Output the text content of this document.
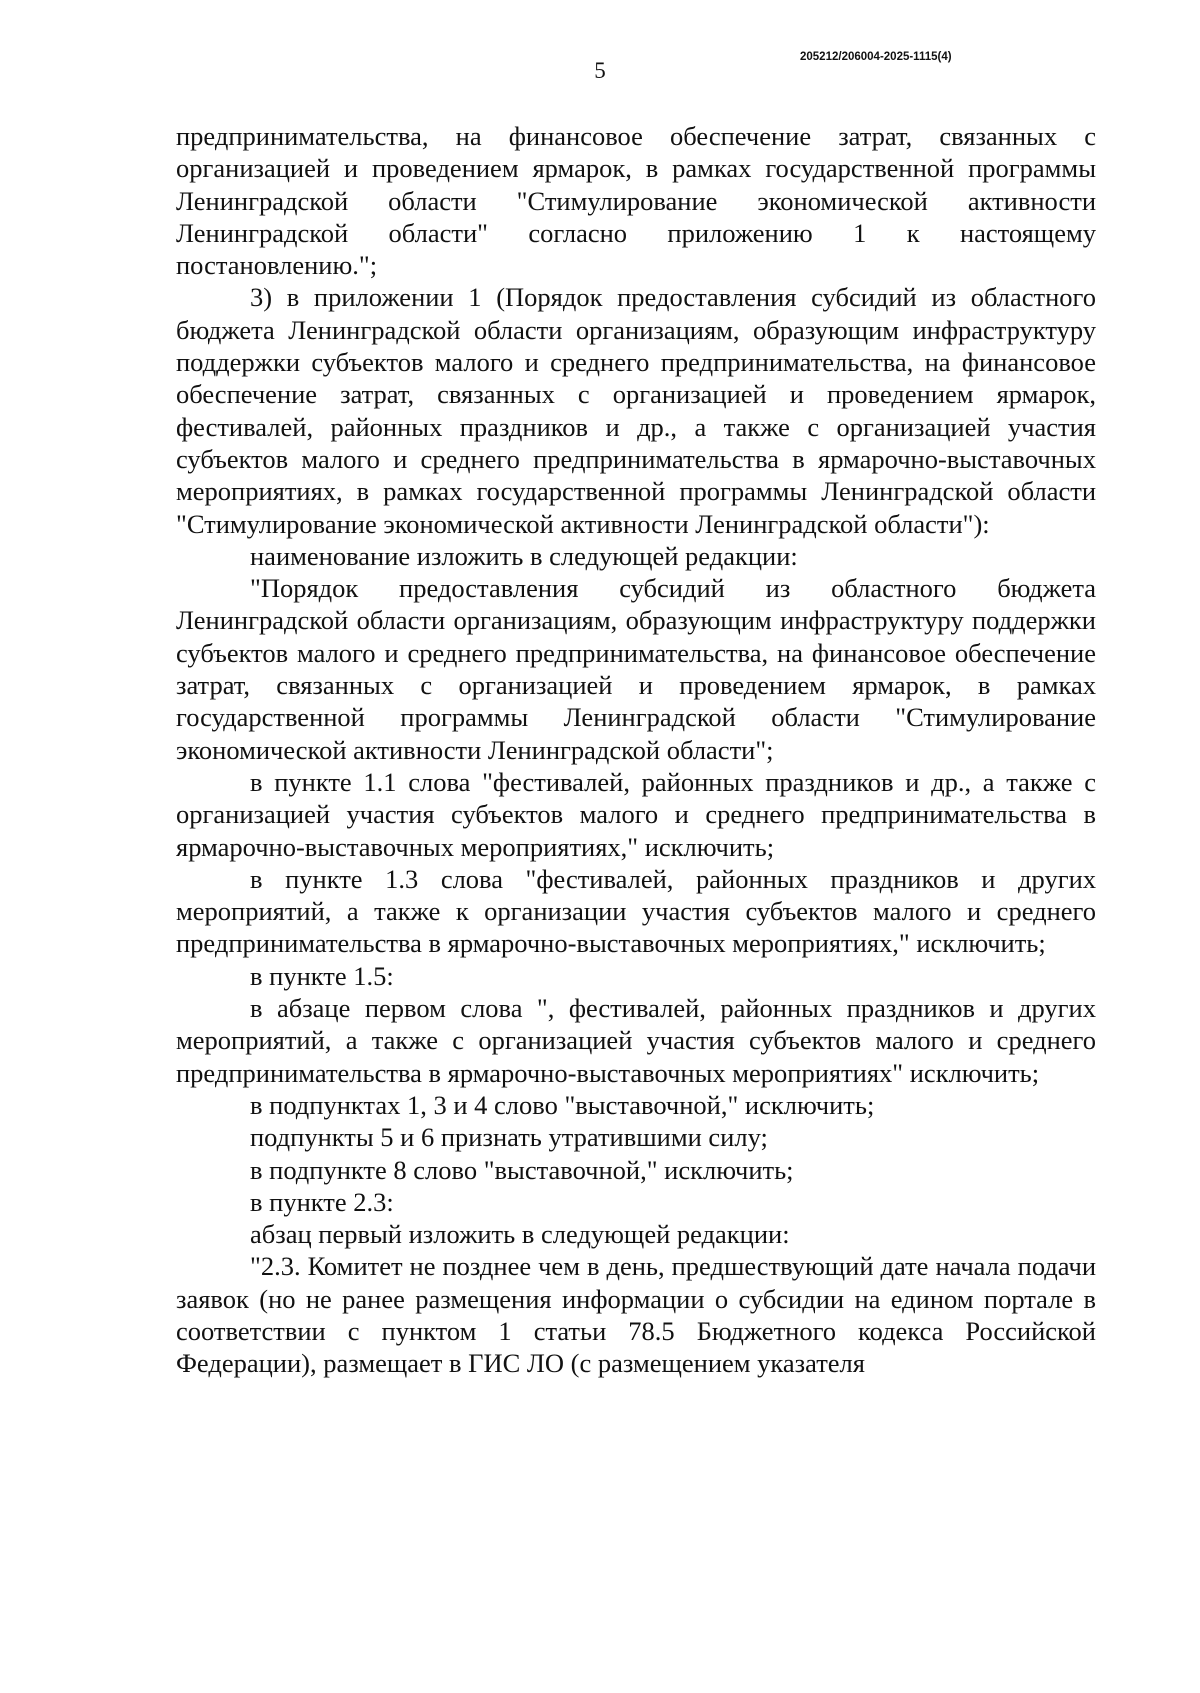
5
205212/206004-2025-1115(4)

предпринимательства, на финансовое обеспечение затрат, связанных с организацией и проведением ярмарок, в рамках государственной программы Ленинградской области "Стимулирование экономической активности Ленинградской области" согласно приложению 1 к настоящему постановлению.";

3) в приложении 1 (Порядок предоставления субсидий из областного бюджета Ленинградской области организациям, образующим инфраструктуру поддержки субъектов малого и среднего предпринимательства, на финансовое обеспечение затрат, связанных с организацией и проведением ярмарок, фестивалей, районных праздников и др., а также с организацией участия субъектов малого и среднего предпринимательства в ярмарочно-выставочных мероприятиях, в рамках государственной программы Ленинградской области "Стимулирование экономической активности Ленинградской области"):

наименование изложить в следующей редакции:

"Порядок предоставления субсидий из областного бюджета Ленинградской области организациям, образующим инфраструктуру поддержки субъектов малого и среднего предпринимательства, на финансовое обеспечение затрат, связанных с организацией и проведением ярмарок, в рамках государственной программы Ленинградской области "Стимулирование экономической активности Ленинградской области";

в пункте 1.1 слова "фестивалей, районных праздников и др., а также с организацией участия субъектов малого и среднего предпринимательства в ярмарочно-выставочных мероприятиях," исключить;

в пункте 1.3 слова "фестивалей, районных праздников и других мероприятий, а также к организации участия субъектов малого и среднего предпринимательства в ярмарочно-выставочных мероприятиях," исключить;

в пункте 1.5:

в абзаце первом слова ", фестивалей, районных праздников и других мероприятий, а также с организацией участия субъектов малого и среднего предпринимательства в ярмарочно-выставочных мероприятиях" исключить;

в подпунктах 1, 3 и 4 слово "выставочной," исключить;

подпункты 5 и 6 признать утратившими силу;

в подпункте 8 слово "выставочной," исключить;

в пункте 2.3:

абзац первый изложить в следующей редакции:

"2.3. Комитет не позднее чем в день, предшествующий дате начала подачи заявок (но не ранее размещения информации о субсидии на едином портале в соответствии с пунктом 1 статьи 78.5 Бюджетного кодекса Российской Федерации), размещает в ГИС ЛО (с размещением указателя
